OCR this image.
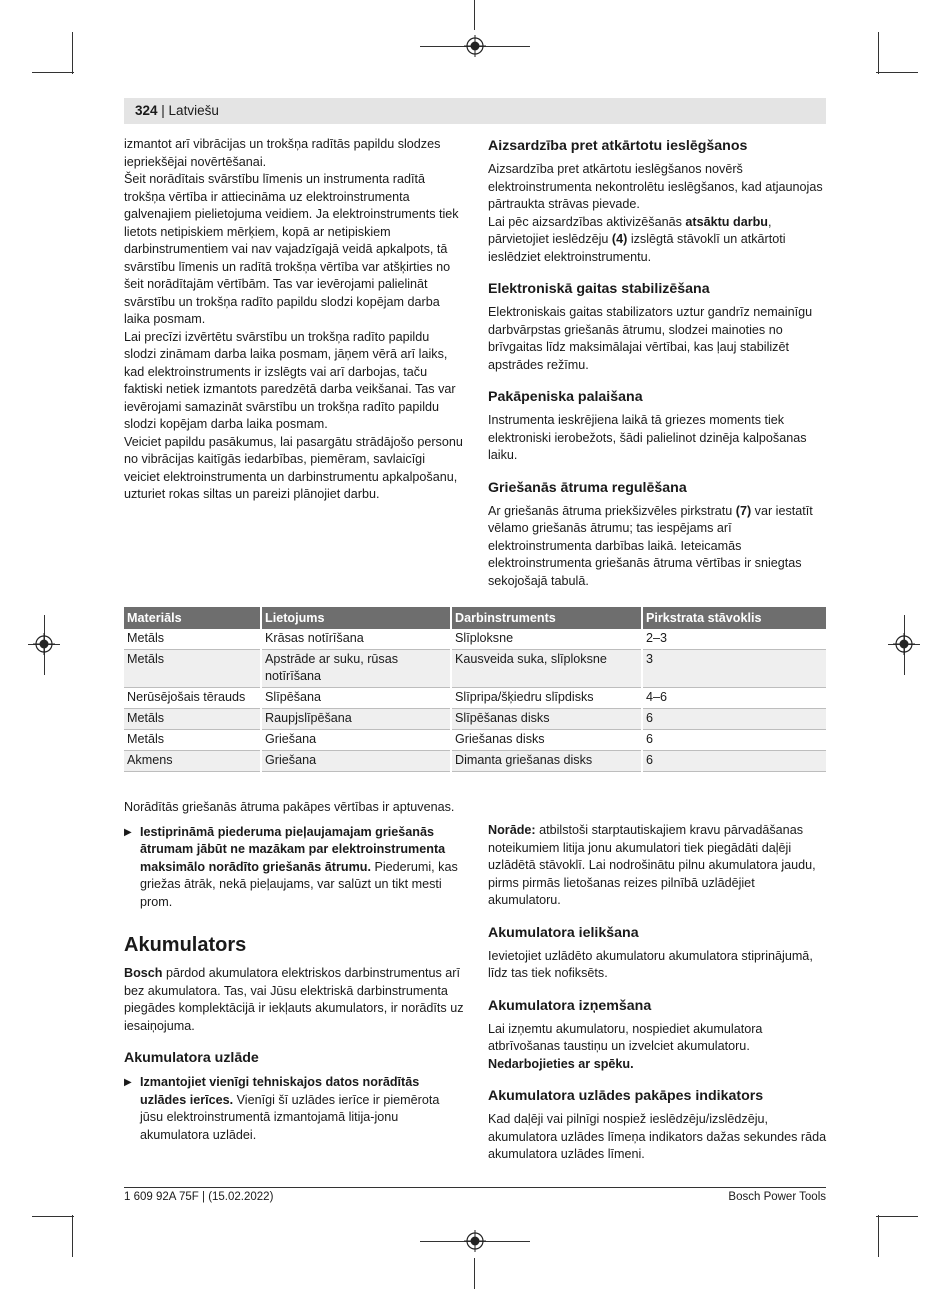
324 | Latviešu

izmantot arī vibrācijas un trokšņa radītās papildu slodzes iepriekšējai novērtēšanai.

Šeit norādītais svārstību līmenis un instrumenta radītā trokšņa vērtība ir attiecināma uz elektroinstrumenta galvenajiem pielietojuma veidiem. Ja elektroinstruments tiek lietots netipiskiem mērķiem, kopā ar netipiskiem darbinstrumentiem vai nav vajadzīgajā veidā apkalpots, tā svārstību līmenis un radītā trokšņa vērtība var atšķirties no šeit norādītajām vērtībām. Tas var ievērojami palielināt svārstību un trokšņa radīto papildu slodzi kopējam darba laika posmam.

Lai precīzi izvērtētu svārstību un trokšņa radīto papildu slodzi zināmam darba laika posmam, jāņem vērā arī laiks, kad elektroinstruments ir izslēgts vai arī darbojas, taču faktiski netiek izmantots paredzētā darba veikšanai. Tas var ievērojami samazināt svārstību un trokšņa radīto papildu slodzi kopējam darba laika posmam.

Veiciet papildu pasākumus, lai pasargātu strādājošo personu no vibrācijas kaitīgās iedarbības, piemēram, savlaicīgi veiciet elektroinstrumenta un darbinstrumentu apkalpošanu, uzturiet rokas siltas un pareizi plānojiet darbu.

Aizsardzība pret atkārtotu ieslēgšanos

Aizsardzība pret atkārtotu ieslēgšanos novērš elektroinstrumenta nekontrolētu ieslēgšanos, kad atjaunojas pārtraukta strāvas pievade.

Lai pēc aizsardzības aktivizēšanās atsāktu darbu, pārvietojiet ieslēdzēju (4) izslēgtā stāvoklī un atkārtoti ieslēdziet elektroinstrumentu.

Elektroniskā gaitas stabilizēšana

Elektroniskais gaitas stabilizators uztur gandrīz nemainīgu darbvārpstas griešanās ātrumu, slodzei mainoties no brīvgaitas līdz maksimālajai vērtībai, kas ļauj stabilizēt apstrādes režīmu.

Pakāpeniska palaišana

Instrumenta ieskrējiena laikā tā griezes moments tiek elektroniski ierobežots, šādi palielinot dzinēja kalpošanas laiku.

Griešanās ātruma regulēšana

Ar griešanās ātruma priekšizvēles pirkstratu (7) var iestatīt vēlamo griešanās ātrumu; tas iespējams arī elektroinstrumenta darbības laikā. Ieteicamās elektroinstrumenta griešanās ātruma vērtības ir sniegtas sekojošajā tabulā.

Materiāls	Lietojums	Darbinstruments	Pirkstrata stāvoklis
Metāls	Krāsas notīrīšana	Slīploksne	2–3
Metāls	Apstrāde ar suku, rūsas notīrīšana	Kausveida suka, slīploksne	3
Nerūsējošais tērauds	Slīpēšana	Slīpripa/šķiedru slīpdisks	4–6
Metāls	Raupjslīpēšana	Slīpēšanas disks	6
Metāls	Griešana	Griešanas disks	6
Akmens	Griešana	Dimanta griešanas disks	6

Norādītās griešanās ātruma pakāpes vērtības ir aptuvenas.

▶ Iestiprināmā piederuma pieļaujamajam griešanās ātrumam jābūt ne mazākam par elektroinstrumenta maksimālo norādīto griešanās ātrumu. Piederumi, kas griežas ātrāk, nekā pieļaujams, var salūzt un tikt mesti prom.

Akumulators

Bosch pārdod akumulatora elektriskos darbinstrumentus arī bez akumulatora. Tas, vai Jūsu elektriskā darbinstrumenta piegādes komplektācijā ir iekļauts akumulators, ir norādīts uz iesaiņojuma.

Akumulatora uzlāde

▶ Izmantojiet vienīgi tehniskajos datos norādītās uzlādes ierīces. Vienīgi šī uzlādes ierīce ir piemērota jūsu elektroinstrumentā izmantojamā litija-jonu akumulatora uzlādei.

Norāde: atbilstoši starptautiskajiem kravu pārvadāšanas noteikumiem litija jonu akumulatori tiek piegādāti daļēji uzlādētā stāvoklī. Lai nodrošinātu pilnu akumulatora jaudu, pirms pirmās lietošanas reizes pilnībā uzlādējiet akumulatoru.

Akumulatora ielikšana

Ievietojiet uzlādēto akumulatoru akumulatora stiprinājumā, līdz tas tiek nofiksēts.

Akumulatora izņemšana

Lai izņemtu akumulatoru, nospiediet akumulatora atbrīvošanas taustiņu un izvelciet akumulatoru. Nedarbojieties ar spēku.

Akumulatora uzlādes pakāpes indikators

Kad daļēji vai pilnīgi nospiež ieslēdzēju/izslēdzēju, akumulatora uzlādes līmeņa indikators dažas sekundes rāda akumulatora uzlādes līmeni.

1 609 92A 75F | (15.02.2022)	Bosch Power Tools
